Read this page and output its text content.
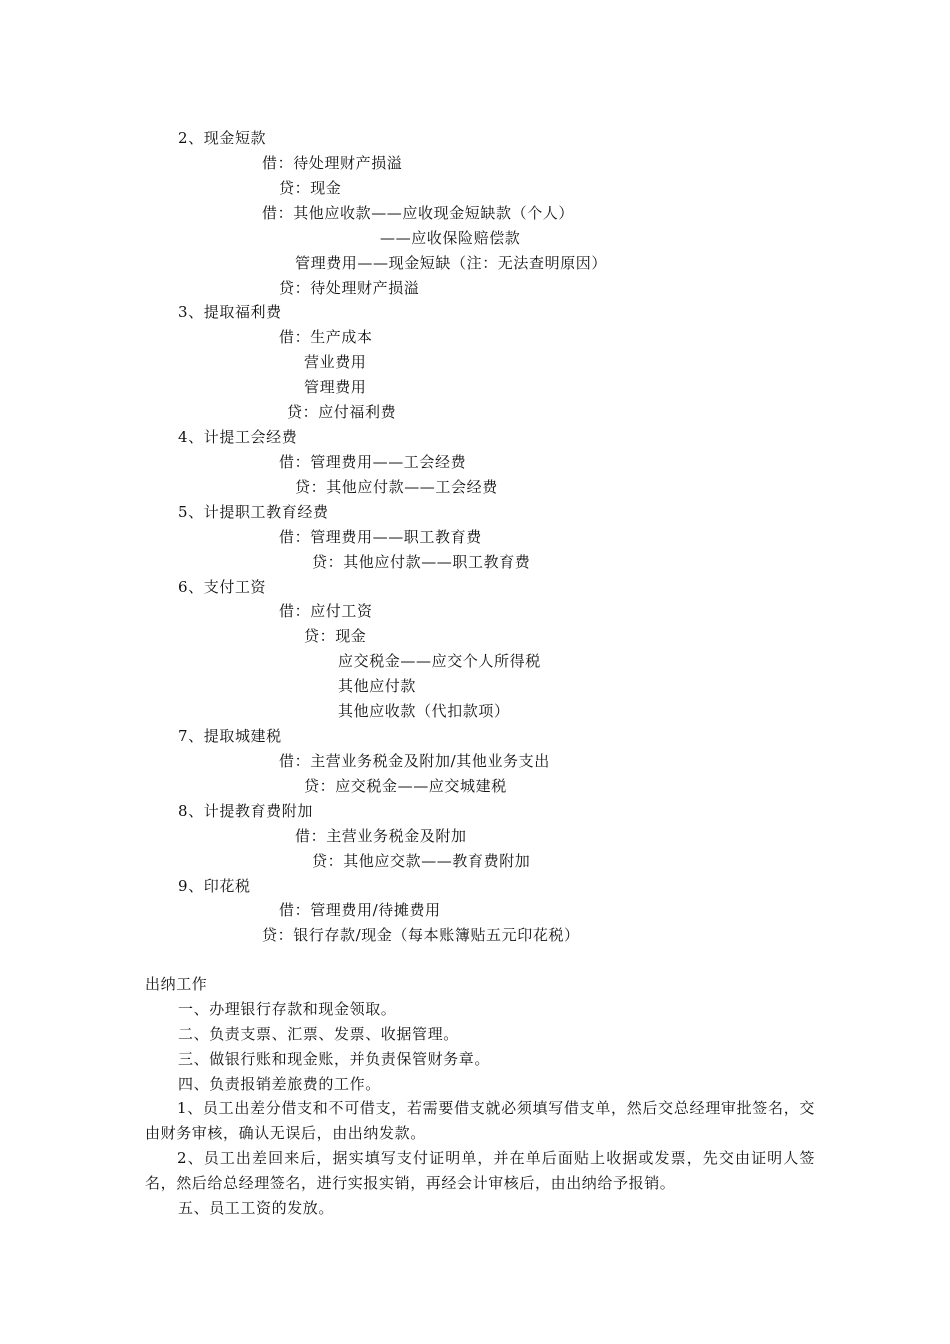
2、现金短款
借：待处理财产损溢
贷：现金
借：其他应收款——应收现金短缺款（个人）
——应收保险赔偿款
管理费用——现金短缺（注：无法查明原因）
贷：待处理财产损溢
3、提取福利费
借：生产成本
营业费用
管理费用
贷：应付福利费
4、计提工会经费
借：管理费用——工会经费
贷：其他应付款——工会经费
5、计提职工教育经费
借：管理费用——职工教育费
贷：其他应付款——职工教育费
6、支付工资
借：应付工资
贷：现金
应交税金——应交个人所得税
其他应付款
其他应收款（代扣款项）
7、提取城建税
借：主营业务税金及附加/其他业务支出
贷：应交税金——应交城建税
8、计提教育费附加
借：主营业务税金及附加
贷：其他应交款——教育费附加
9、印花税
借：管理费用/待摊费用
贷：银行存款/现金（每本账簿贴五元印花税）
出纳工作
一、办理银行存款和现金领取。
二、负责支票、汇票、发票、收据管理。
三、做银行账和现金账，并负责保管财务章。
四、负责报销差旅费的工作。
1、员工出差分借支和不可借支，若需要借支就必须填写借支单，然后交总经理审批签名，交由财务审核，确认无误后，由出纳发款。
2、员工出差回来后，据实填写支付证明单，并在单后面贴上收据或发票，先交由证明人签名，然后给总经理签名，进行实报实销，再经会计审核后，由出纳给予报销。
五、员工工资的发放。
